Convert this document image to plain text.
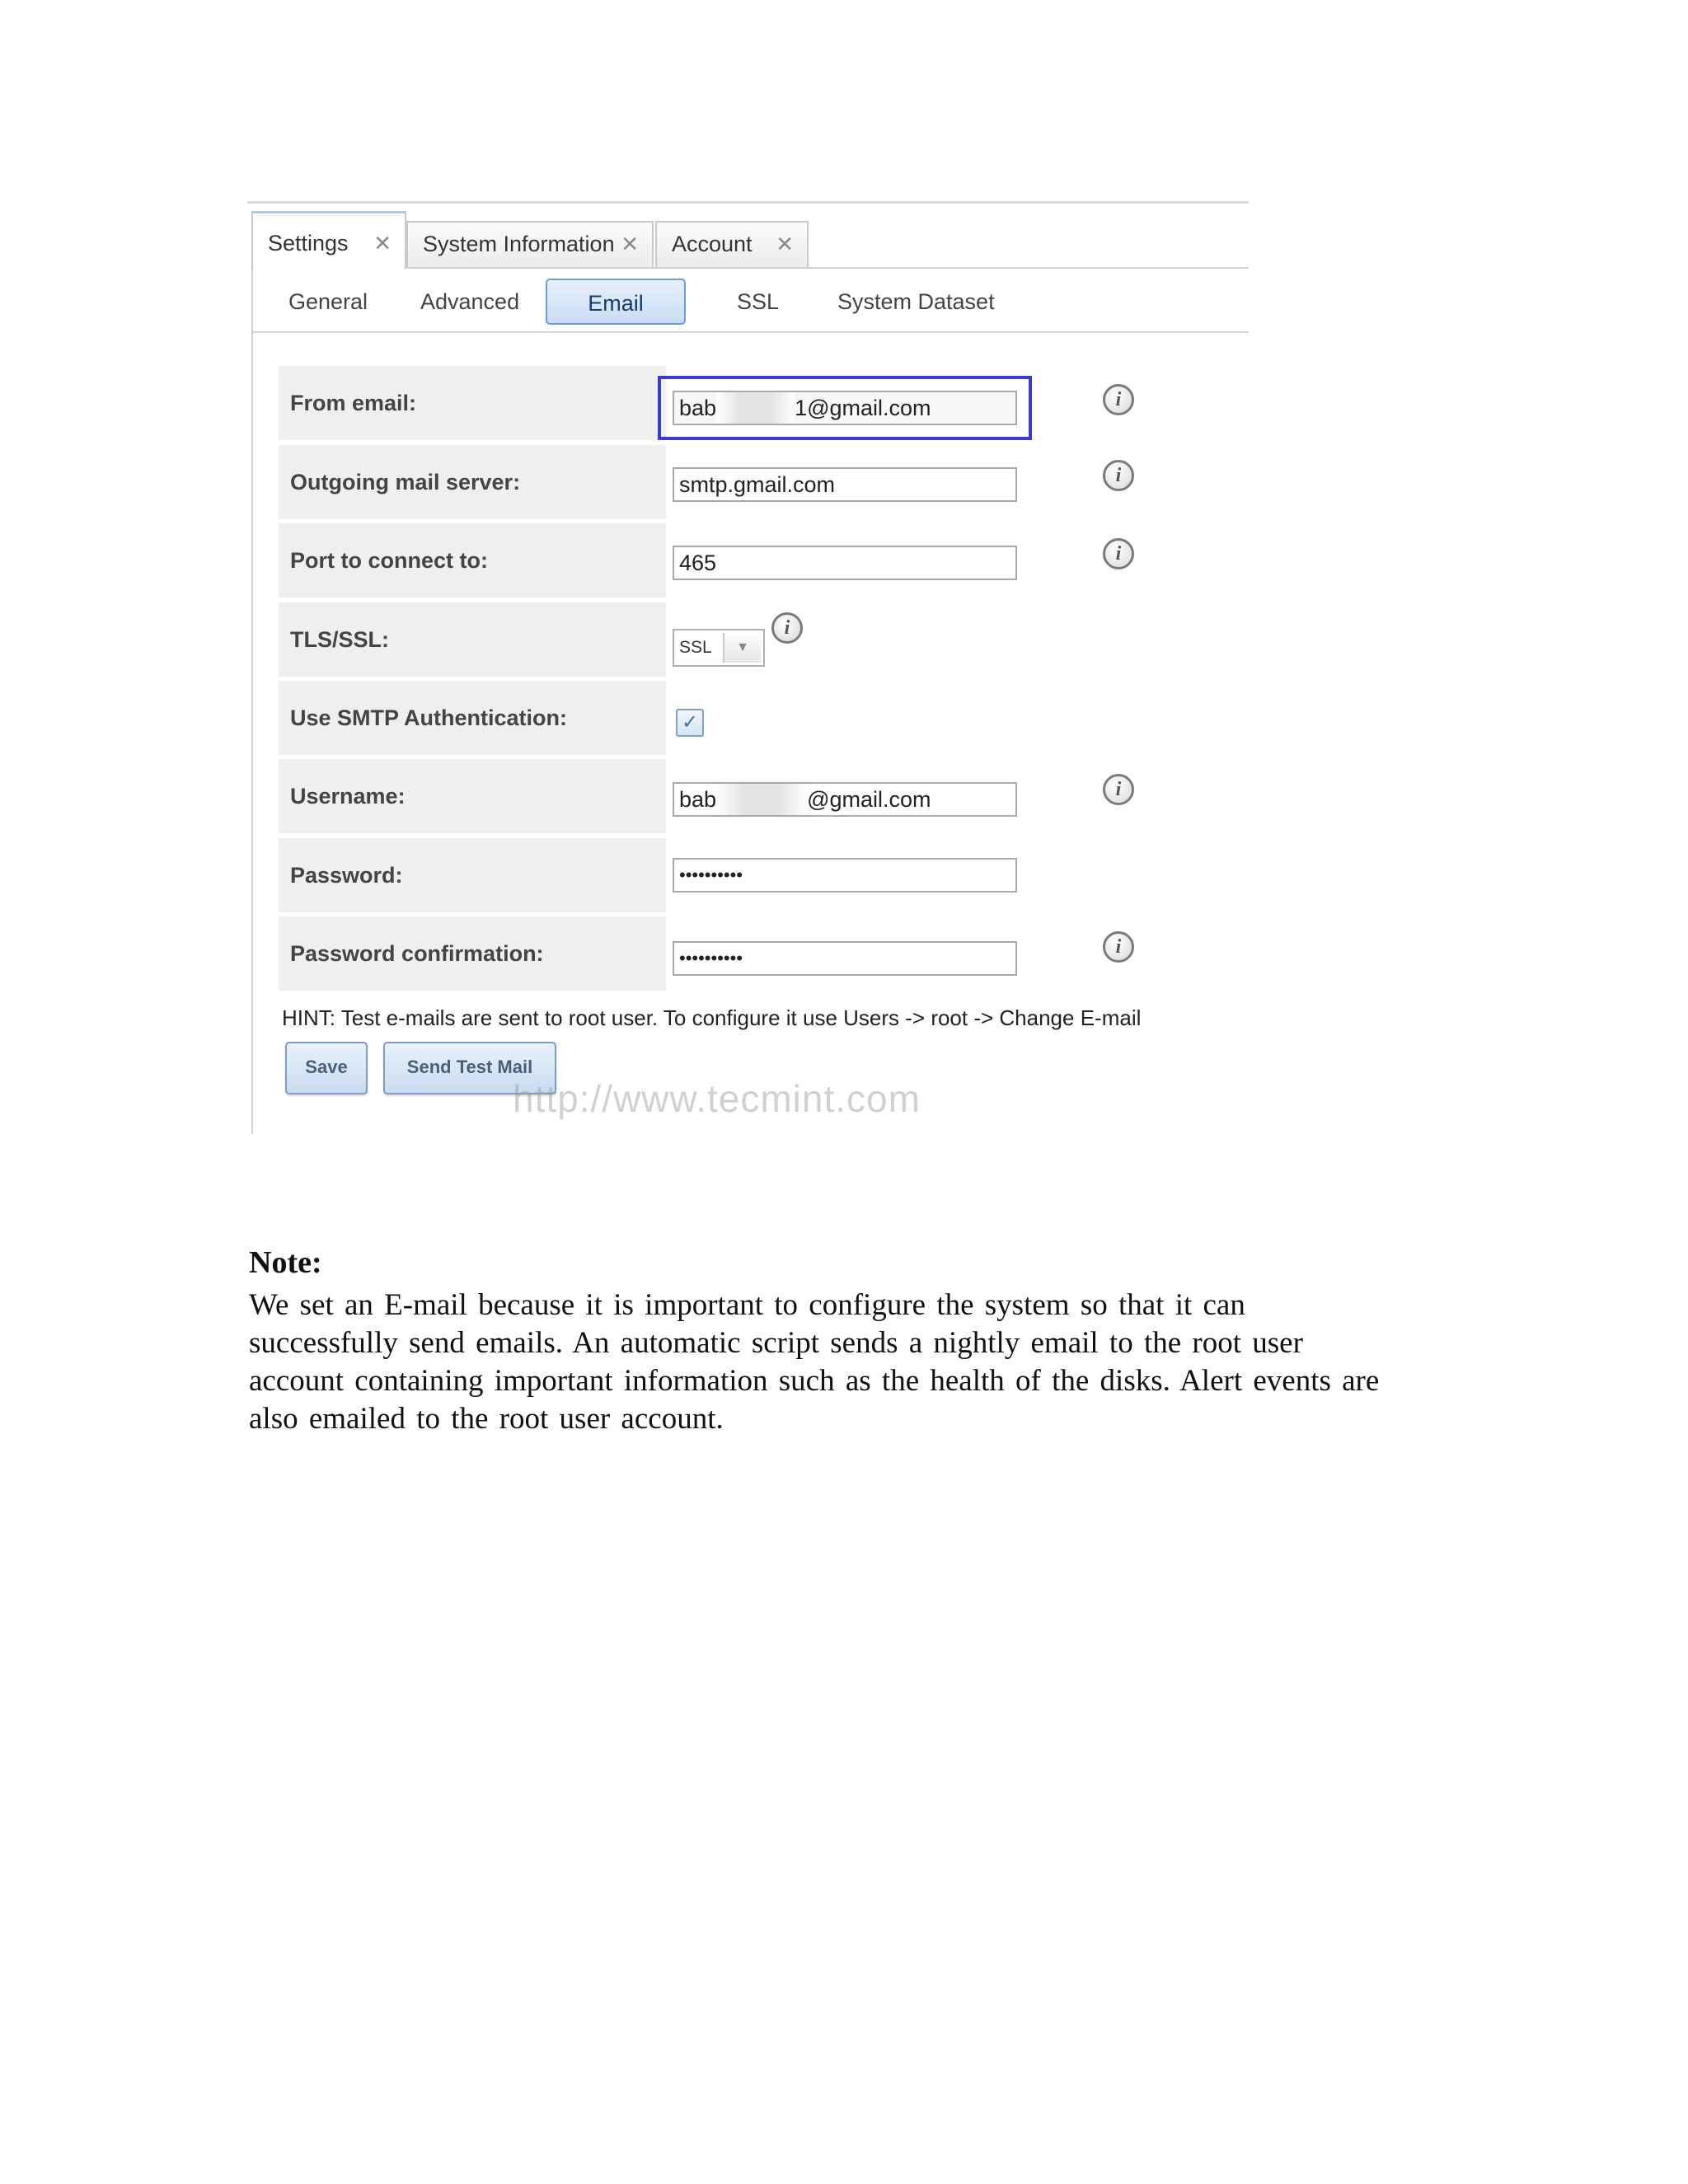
Settings ✕	System Information ✕	Account ✕
General Advanced	Email	SSL	System Dataset
From email:	bab	1@gmail.com	i
Outgoing mail server:	smtp.gmail.com	i
Port to connect to:	465	i
TLS/SSL:	SSL	▼
i
Use SMTP Authentication:	✓
Username:	bab	@gmail.com	i
Password:	••••••••••
Password confirmation:	••••••••••
i
HINT: Test e-mails are sent to root user. To configure it use Users -> root -> Change E-mail
Save	Send Test Mail
http://www.tecmint.com
Note:
We set an E-mail because it is important to configure the system so that it can
successfully send emails. An automatic script sends a nightly email to the root user
account containing important information such as the health of the disks. Alert events are
also emailed to the root user account.
